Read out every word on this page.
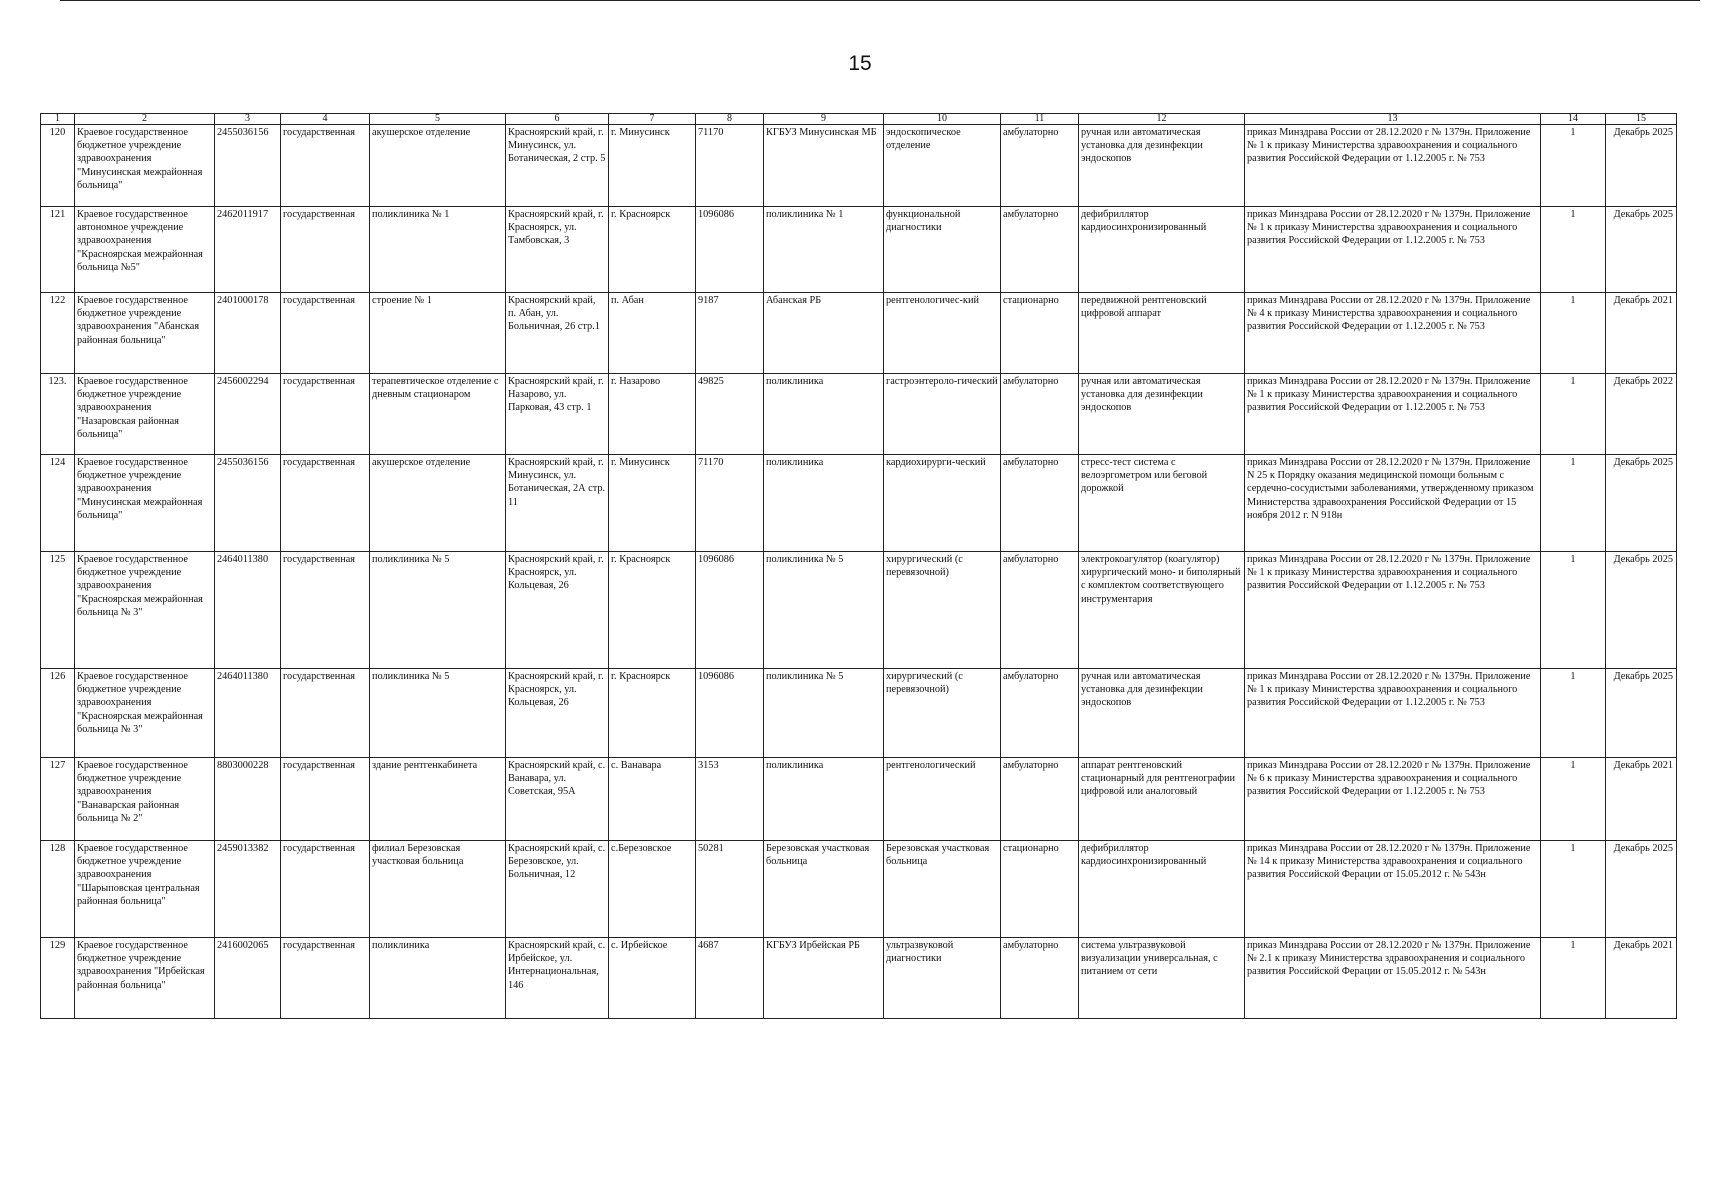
15
1	2	3	4	5	6	7	8	9	10	11	12	13	14	15
120	Краевое государственное бюджетное учреждение здравоохранения "Минусинская межрайонная больница"	2455036156	государственная	акушерское отделение	Красноярский край, г. Минусинск, ул. Ботаническая, 2 стр. 5	г. Минусинск	71170	КГБУЗ Минусинская МБ	эндоскопическое отделение	амбулаторно	ручная или автоматическая установка для дезинфекции эндоскопов	приказ Минздрава России от 28.12.2020 г № 1379н. Приложение № 1 к приказу Министерства здравоохранения и социального развития Российской Федерации от 1.12.2005 г. № 753	1	Декабрь 2025
121	Краевое государственное автономное учреждение здравоохранения "Красноярская межрайонная больница №5"	2462011917	государственная	поликлиника № 1	Красноярский край, г. Красноярск, ул. Тамбовская, 3	г. Красноярск	1096086	поликлиника № 1	функциональной диагностики	амбулаторно	дефибриллятор кардиосинхронизированный	приказ Минздрава России от 28.12.2020 г № 1379н. Приложение № 1 к приказу Министерства здравоохранения и социального развития Российской Федерации от 1.12.2005 г. № 753	1	Декабрь 2025
122	Краевое государственное бюджетное учреждение здравоохранения "Абанская районная больница"	2401000178	государственная	строение № 1	Красноярский край, п. Абан, ул. Больничная, 26 стр.1	п. Абан	9187	Абанская РБ	рентгенологичес-кий	стационарно	передвижной рентгеновский цифровой аппарат	приказ Минздрава России от 28.12.2020 г № 1379н. Приложение № 4 к приказу Министерства здравоохранения и социального развития Российской Федерации от 1.12.2005 г. № 753	1	Декабрь 2021
123.	Краевое государственное бюджетное учреждение здравоохранения "Назаровская районная больница"	2456002294	государственная	терапевтическое отделение с дневным стационаром	Красноярский край, г. Назарово, ул. Парковая, 43 стр. 1	г. Назарово	49825	поликлиника	гастроэнтероло-гический	амбулаторно	ручная или автоматическая установка для дезинфекции эндоскопов	приказ Минздрава России от 28.12.2020 г № 1379н. Приложение № 1 к приказу Министерства здравоохранения и социального развития Российской Федерации от 1.12.2005 г. № 753	1	Декабрь 2022
124	Краевое государственное бюджетное учреждение здравоохранения "Минусинская межрайонная больница"	2455036156	государственная	акушерское отделение	Красноярский край, г. Минусинск, ул. Ботаническая, 2А стр. 11	г. Минусинск	71170	поликлиника	кардиохирурги-ческий	амбулаторно	стресс-тест система с велоэргометром или беговой дорожкой	приказ Минздрава России от 28.12.2020 г № 1379н. Приложение N 25 к Порядку оказания медицинской помощи больным с сердечно-сосудистыми заболеваниями, утвержденному приказом Министерства здравоохранения Российской Федерации от 15 ноября 2012 г. N 918н	1	Декабрь 2025
125	Краевое государственное бюджетное учреждение здравоохранения "Красноярская межрайонная больница № 3"	2464011380	государственная	поликлиника № 5	Красноярский край, г. Красноярск, ул. Кольцевая, 26	г. Красноярск	1096086	поликлиника № 5	хирургический (с перевязочной)	амбулаторно	электрокоагулятор (коагулятор) хирургический моно- и биполярный с комплектом соответствующего инструментария	приказ Минздрава России от 28.12.2020 г № 1379н. Приложение № 1 к приказу Министерства здравоохранения и социального развития Российской Федерации от 1.12.2005 г. № 753	1	Декабрь 2025
126	Краевое государственное бюджетное учреждение здравоохранения "Красноярская межрайонная больница № 3"	2464011380	государственная	поликлиника № 5	Красноярский край, г. Красноярск, ул. Кольцевая, 26	г. Красноярск	1096086	поликлиника № 5	хирургический (с перевязочной)	амбулаторно	ручная или автоматическая установка для дезинфекции эндоскопов	приказ Минздрава России от 28.12.2020 г № 1379н. Приложение № 1 к приказу Министерства здравоохранения и социального развития Российской Федерации от 1.12.2005 г. № 753	1	Декабрь 2025
127	Краевое государственное бюджетное учреждение здравоохранения "Ванаварская районная больница № 2"	8803000228	государственная	здание рентгенкабинета	Красноярский край, с. Ванавара, ул. Советская, 95А	с. Ванавара	3153	поликлиника	рентгенологический	амбулаторно	аппарат рентгеновский стационарный для рентгенографии цифровой или аналоговый	приказ Минздрава России от 28.12.2020 г № 1379н. Приложение № 6 к приказу Министерства здравоохранения и социального развития Российской Федерации от 1.12.2005 г. № 753	1	Декабрь 2021
128	Краевое государственное бюджетное учреждение здравоохранения "Шарыповская центральная районная больница"	2459013382	государственная	филиал Березовская участковая больница	Красноярский край, с. Березовское, ул. Больничная, 12	с.Березовское	50281	Березовская участковая больница	Березовская участковая больница	стационарно	дефибриллятор кардиосинхронизированный	приказ Минздрава России от 28.12.2020 г № 1379н. Приложение № 14 к приказу Министерства здравоохранения и социального развития Российской Ферации от 15.05.2012 г. № 543н	1	Декабрь 2025
129	Краевое государственное бюджетное учреждение здравоохранения "Ирбейская районная больница"	2416002065	государственная	поликлиника	Красноярский край, с. Ирбейское, ул. Интернациональная, 146	с. Ирбейское	4687	КГБУЗ Ирбейская РБ	ультразвуковой диагностики	амбулаторно	система ультразвуковой визуализации универсальная, с питанием от сети	приказ Минздрава России от 28.12.2020 г № 1379н. Приложение № 2.1 к приказу Министерства здравоохранения и социального развития Российской Ферации от 15.05.2012 г. № 543н	1	Декабрь 2021
